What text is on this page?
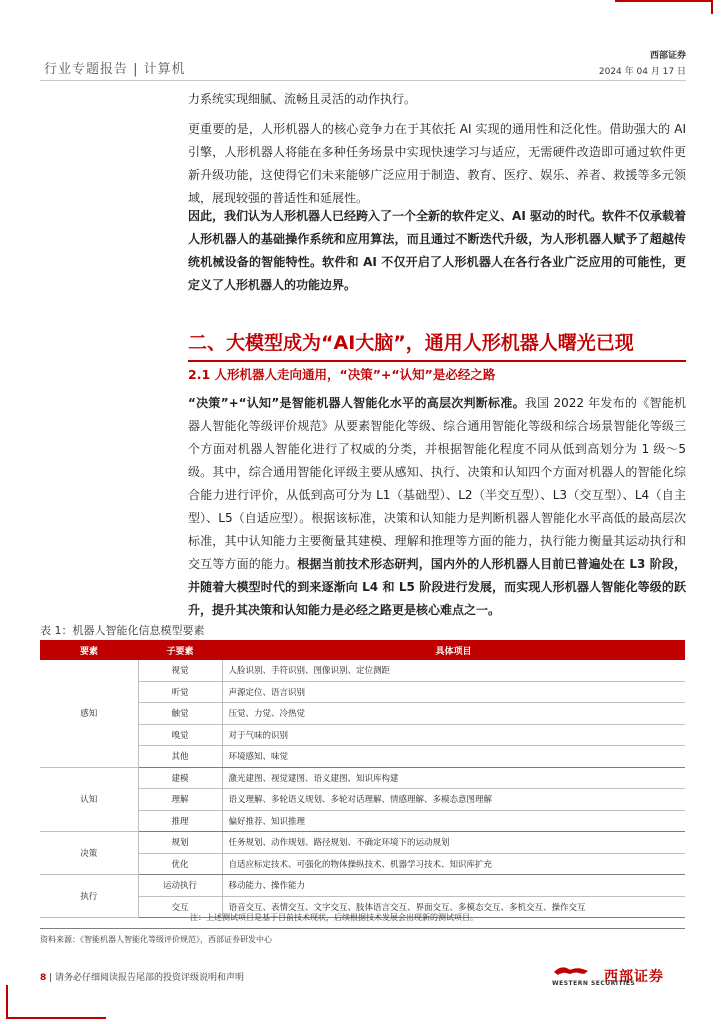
行业专题报告 | 计算机
西部证券
2024 年 04 月 17 日
力系统实现细腻、流畅且灵活的动作执行。
更重要的是，人形机器人的核心竞争力在于其依托 AI 实现的通用性和泛化性。借助强大的 AI 引擎，人形机器人将能在多种任务场景中实现快速学习与适应，无需硬件改造即可通过软件更新升级功能，这使得它们未来能够广泛应用于制造、教育、医疗、娱乐、养者、救援等多元领域，展现较强的普适性和延展性。
因此，我们认为人形机器人已经跨入了一个全新的软件定义、AI 驱动的时代。软件不仅承载着人形机器人的基础操作系统和应用算法，而且通过不断迭代升级，为人形机器人赋予了超越传统机械设备的智能特性。软件和 AI 不仅开启了人形机器人在各行各业广泛应用的可能性，更定义了人形机器人的功能边界。
二、大模型成为“AI大脑”，通用人形机器人曙光已现
2.1 人形机器人走向通用，“决策”+“认知”是必经之路
“决策”+“认知”是智能机器人智能化水平的高层次判断标准。我国 2022 年发布的《智能机器人智能化等级评价规范》从要素智能化等级、综合通用智能化等级和综合场景智能化等级三个方面对机器人智能化进行了权威的分类，并根据智能化程度不同从低到高划分为 1 级～5 级。其中，综合通用智能化评级主要从感知、执行、决策和认知四个方面对机器人的智能化综合能力进行评价，从低到高可分为 L1（基础型）、L2（半交互型）、L3（交互型）、L4（自主型）、L5（自适应型）。根据该标准，决策和认知能力是判断机器人智能化水平高低的最高层次标准，其中认知能力主要衡量其建模、理解和推理等方面的能力，执行能力衡量其运动执行和交互等方面的能力。根据当前技术形态研判，国内外的人形机器人目前已普遍处在 L3 阶段，并随着大模型时代的到来逐渐向 L4 和 L5 阶段进行发展，而实现人形机器人智能化等级的跃升，提升其决策和认知能力是必经之路更是核心难点之一。
表 1：机器人智能化信息模型要素
要素	子要素	具体项目
感知	视觉	人脸识别、手符识别、图像识别、定位测距
	听觉	声源定位、语言识别
	触觉	压觉、力觉、冷热觉
	嗅觉	对于气味的识别
	其他	环境感知、味觉
认知	建模	激光建图、视觉建图、语义建图、知识库构建
	理解	语义理解、多轮语义规划、多轮对话理解、情感理解、多模态意图理解
	推理	偏好推荐、知识推理
决策	规划	任务规划、动作规划、路径规划、不确定环境下的运动规划
	优化	自适应标定技术、可强化的物体操纵技术、机器学习技术、知识库扩充
执行	运动执行	移动能力、操作能力
	交互	语音交互、表情交互、文字交互、肢体语言交互、界面交互、多模态交互、多机交互、操作交互
注：上述测试项目是基于目前技术现状，后续根据技术发展会出现新的测试项目。
资料来源：《智能机器人智能化等级评价规范》，西部证券研发中心
8 | 请务必仔细阅读报告尾部的投资评级说明和声明	西部证券
WESTERN SECURITIES
